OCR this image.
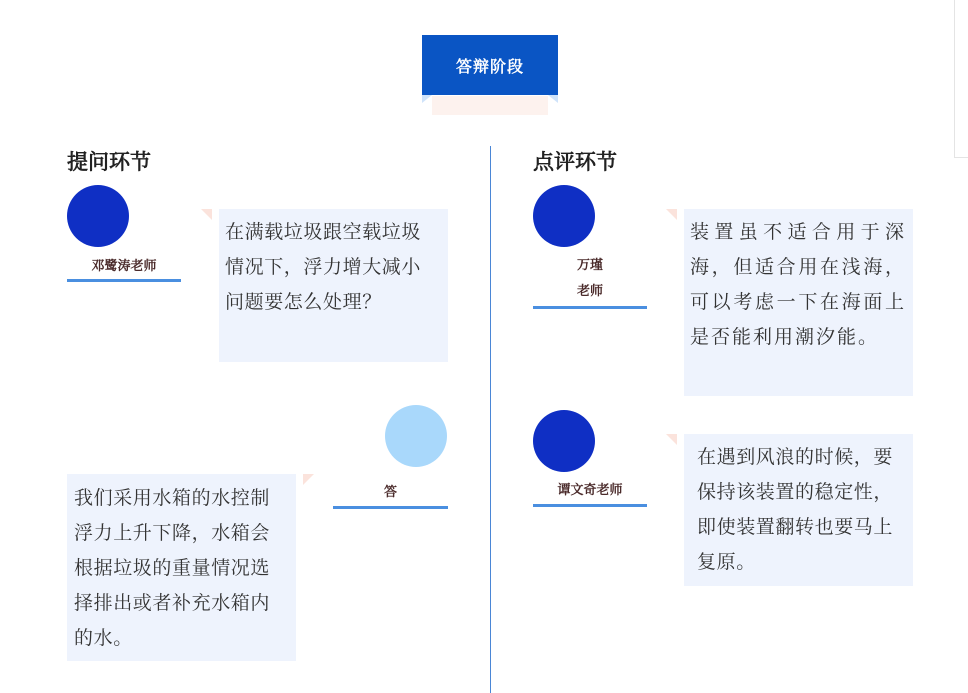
答辩阶段
提问环节
邓鹭涛老师
在满载垃圾跟空载垃圾情况下，浮力增大减小问题要怎么处理？
答
我们采用水箱的水控制浮力上升下降，水箱会根据垃圾的重量情况选择排出或者补充水箱内的水。
点评环节
万瑾
老师
装置虽不适合用于深海，但适合用在浅海，可以考虑一下在海面上是否能利用潮汐能。
谭文奇老师
在遇到风浪的时候，要保持该装置的稳定性，即使装置翻转也要马上复原。
